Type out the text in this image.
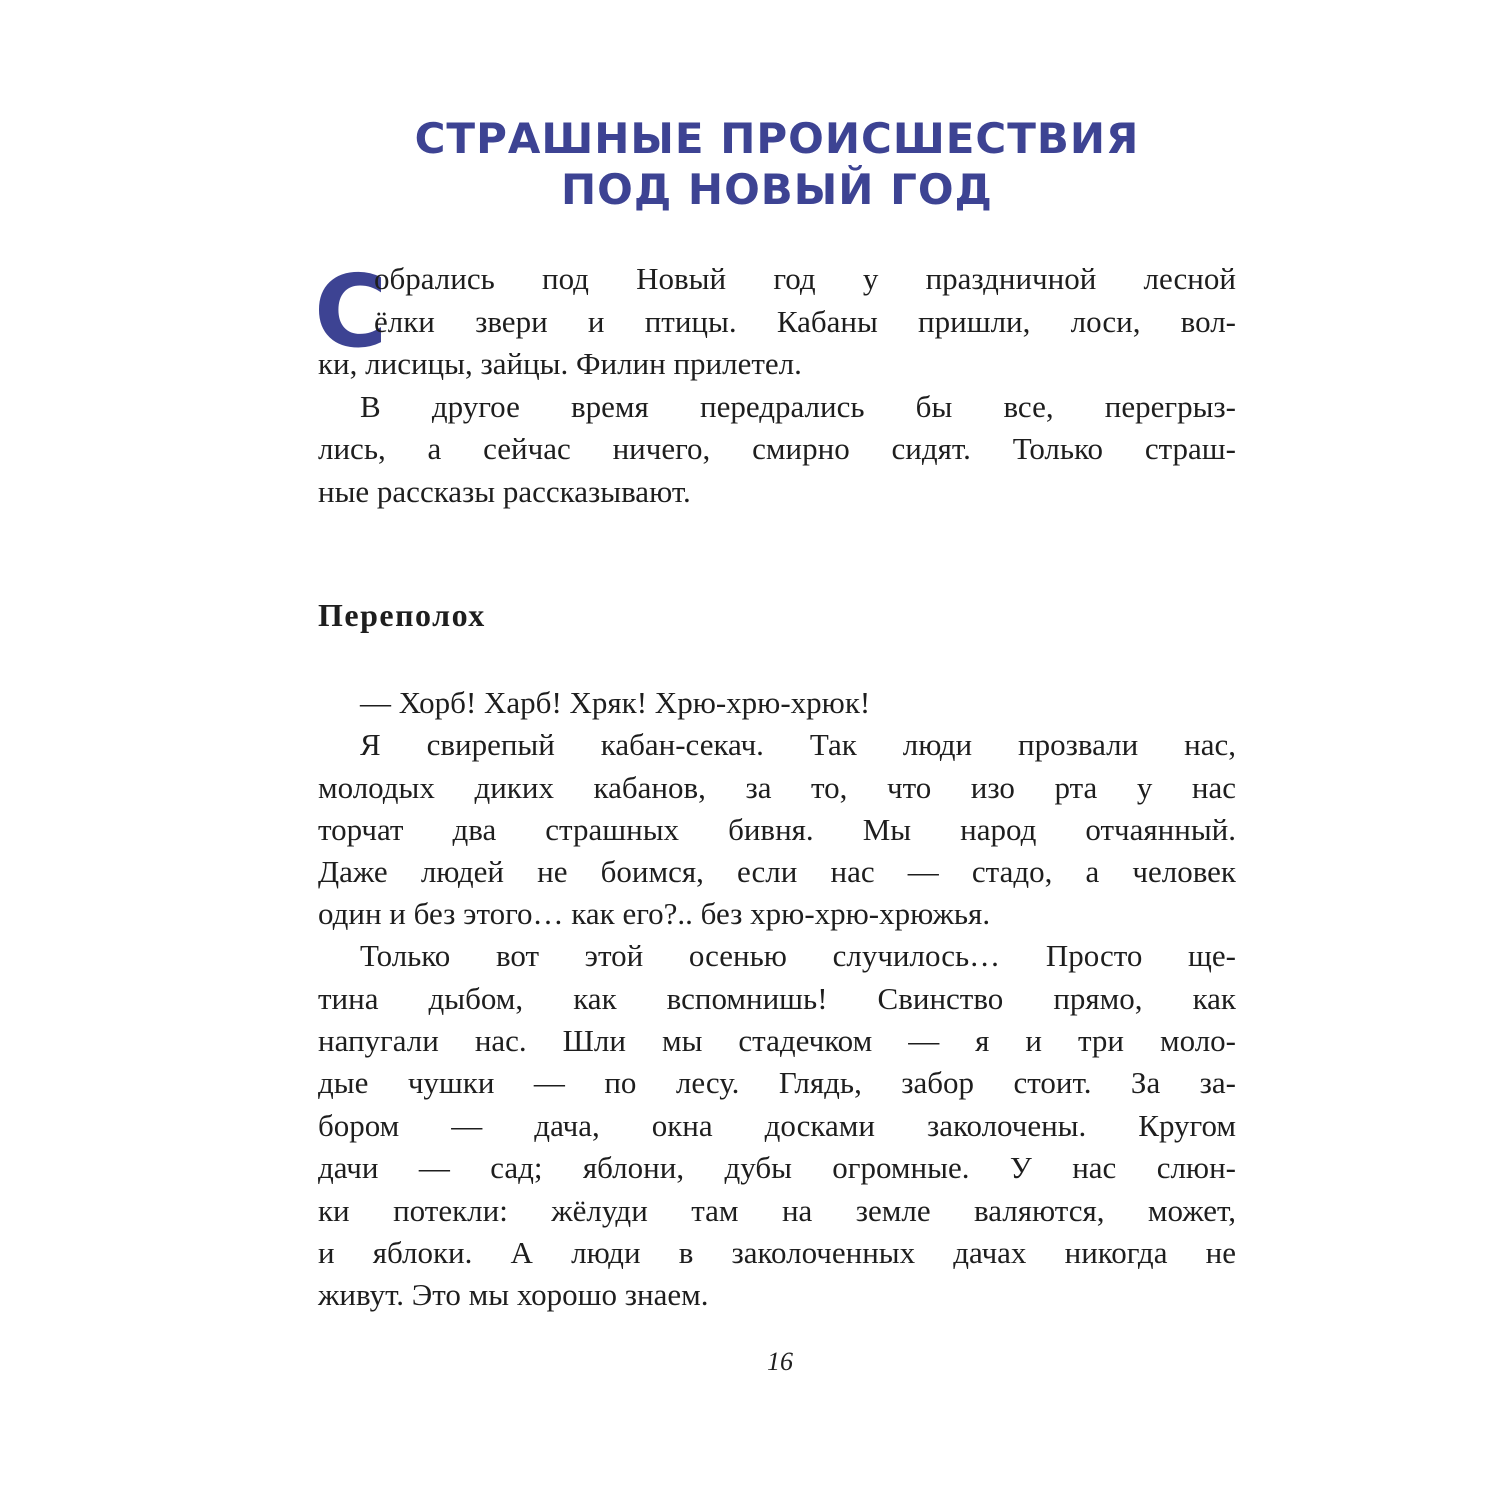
СТРАШНЫЕ ПРОИСШЕСТВИЯ
ПОД НОВЫЙ ГОД
С
обрались под Новый год у праздничной лесной
ёлки звери и птицы. Кабаны пришли, лоси, вол-
ки, лисицы, зайцы. Филин прилетел.
В другое время передрались бы все, перегрыз-
лись, а сейчас ничего, смирно сидят. Только страш-
ные рассказы рассказывают.
Переполох
— Хорб! Харб! Хряк! Хрю-хрю-хрюк!
Я свирепый кабан-секач. Так люди прозвали нас,
молодых диких кабанов, за то, что изо рта у нас
торчат два страшных бивня. Мы народ отчаянный.
Даже людей не боимся, если нас — стадо, а человек
один и без этого… как его?.. без хрю-хрю-хрюжья.
Только вот этой осенью случилось… Просто ще-
тина дыбом, как вспомнишь! Свинство прямо, как
напугали нас. Шли мы стадечком — я и три моло-
дые чушки — по лесу. Глядь, забор стоит. За за-
бором — дача, окна досками заколочены. Кругом
дачи — сад; яблони, дубы огромные. У нас слюн-
ки потекли: жёлуди там на земле валяются, может,
и яблоки. А люди в заколоченных дачах никогда не
живут. Это мы хорошо знаем.
16
